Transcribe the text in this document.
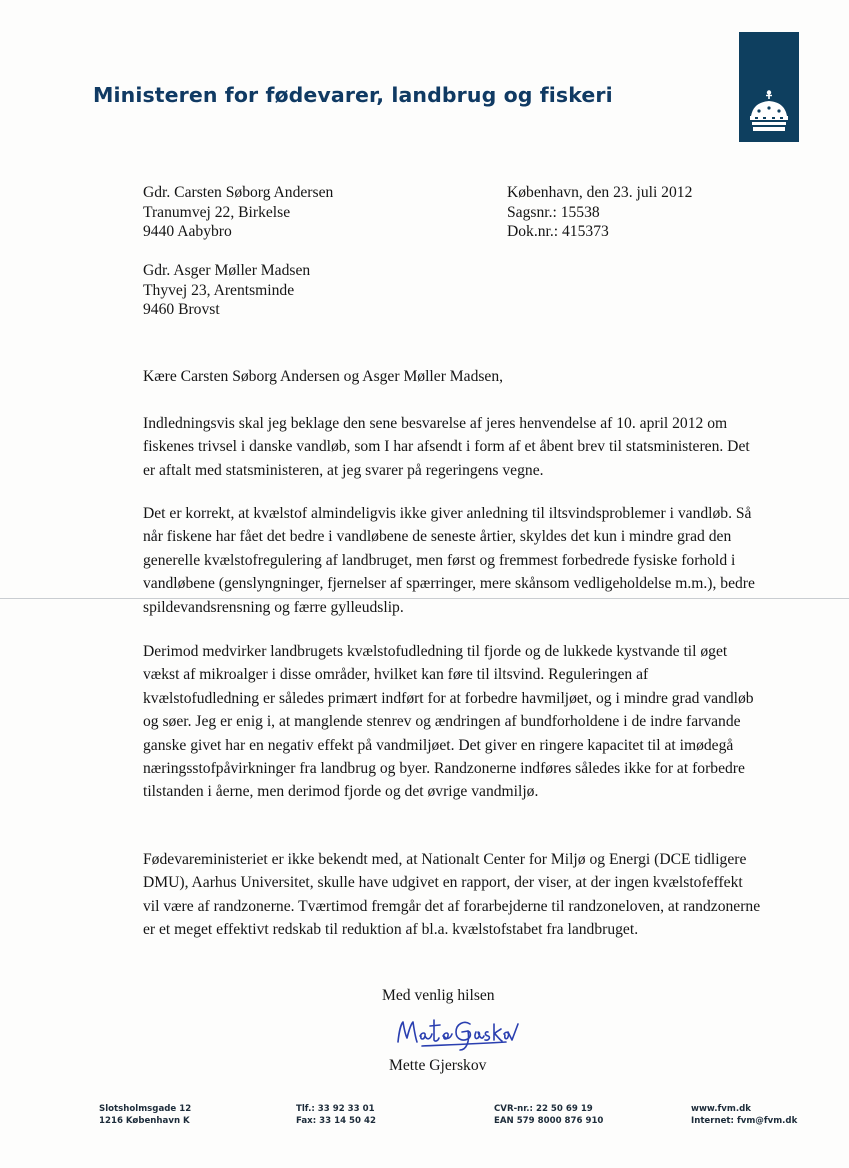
Ministeren for fødevarer, landbrug og fiskeri
Gdr. Carsten Søborg Andersen
Tranumvej 22, Birkelse
9440 Aabybro
Gdr. Asger Møller Madsen
Thyvej 23, Arentsminde
9460 Brovst
København, den 23. juli 2012
Sagsnr.: 15538
Dok.nr.: 415373
Kære Carsten Søborg Andersen og Asger Møller Madsen,

Indledningsvis skal jeg beklage den sene besvarelse af jeres henvendelse af 10. april 2012 om fiskenes trivsel i danske vandløb, som I har afsendt i form af et åbent brev til statsministeren. Det er aftalt med statsministeren, at jeg svarer på regeringens vegne.

Det er korrekt, at kvælstof almindeligvis ikke giver anledning til iltsvindsproblemer i vandløb. Så når fiskene har fået det bedre i vandløbene de seneste årtier, skyldes det kun i mindre grad den generelle kvælstofregulering af landbruget, men først og fremmest forbedrede fysiske forhold i vandløbene (genslyngninger, fjernelser af spærringer, mere skånsom vedligeholdelse m.m.), bedre spildevandsrensning og færre gylleudslip.

Derimod medvirker landbrugets kvælstofudledning til fjorde og de lukkede kystvande til øget vækst af mikroalger i disse områder, hvilket kan føre til iltsvind. Reguleringen af kvælstofudledning er således primært indført for at forbedre havmiljøet, og i mindre grad vandløb og søer. Jeg er enig i, at manglende stenrev og ændringen af bundforholdene i de indre farvande ganske givet har en negativ effekt på vandmiljøet. Det giver en ringere kapacitet til at imødegå næringsstofpåvirkninger fra landbrug og byer. Randzonerne indføres således ikke for at forbedre tilstanden i åerne, men derimod fjorde og det øvrige vandmiljø.

Fødevareministeriet er ikke bekendt med, at Nationalt Center for Miljø og Energi (DCE tidligere DMU), Aarhus Universitet, skulle have udgivet en rapport, der viser, at der ingen kvælstofeffekt vil være af randzonerne. Tværtimod fremgår det af forarbejderne til randzoneloven, at randzonerne er et meget effektivt redskab til reduktion af bl.a. kvælstofstabet fra landbruget.

Med venlig hilsen
Mette Gjerskov
Slotsholmsgade 12
1216 København K
Tlf.: 33 92 33 01
Fax: 33 14 50 42
CVR-nr.: 22 50 69 19
EAN 579 8000 876 910
www.fvm.dk
Internet: fvm@fvm.dk
